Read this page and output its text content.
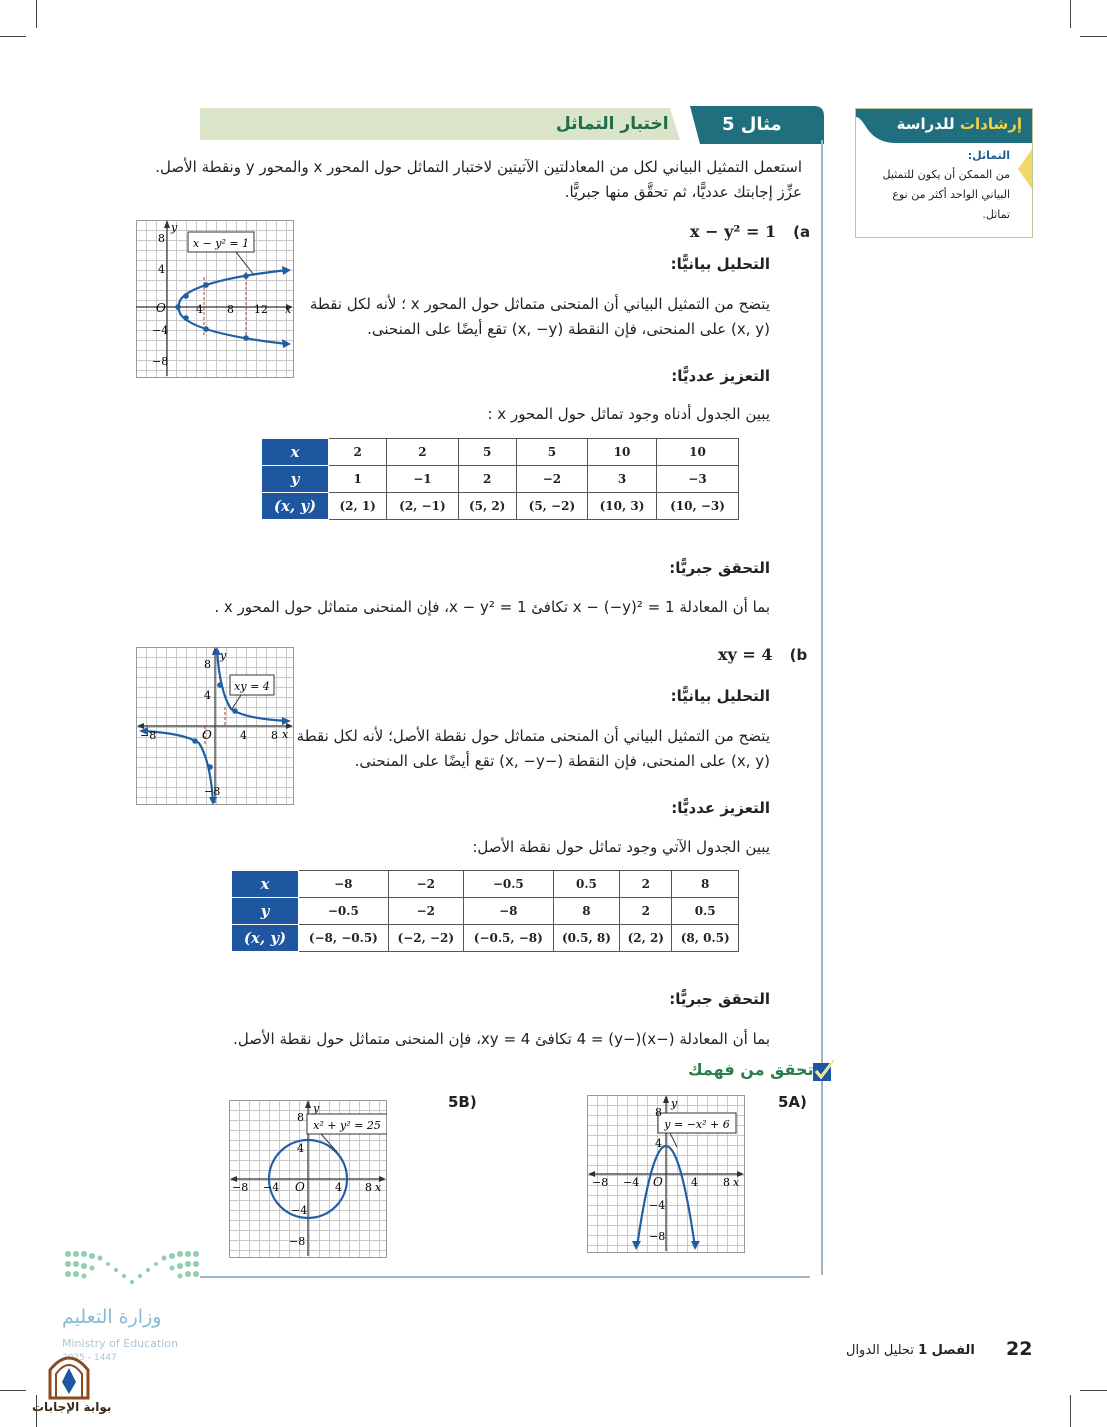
إرشادات للدراسة
التماثل:
من الممكن أن يكون للتمثيل البياني الواحد أكثر من نوع تماثل.
مثال 5
اختبار التماثل
استعمل التمثيل البياني لكل من المعادلتين الآتيتين لاختبار التماثل حول المحور x والمحور y ونقطة الأصل.
عزِّز إجابتك عدديًّا، ثم تحقَّق منها جبريًّا.
x − y² = 1 (a
التحليل بيانيًّا:
يتضح من التمثيل البياني أن المنحنى متماثل حول المحور x ؛ لأنه لكل نقطة
(x, y) على المنحنى، فإن النقطة (x, −y) تقع أيضًا على المنحنى.
التعزيز عدديًّا:
يبين الجدول أدناه وجود تماثل حول المحور x :
x	2	2	5	5	10	10
y	1	−1	2	−2	3	−3
(x, y)	(2, 1)	(2, −1)	(5, 2)	(5, −2)	(10, 3)	(10, −3)
التحقق جبريًّا:
بما أن المعادلة x − (−y)² = 1 تكافئ x − y² = 1، فإن المنحنى متماثل حول المحور x .
x − y² = 1
y
x
O
8
4
−4
−8
4 8 12
xy = 4 (b
التحليل بيانيًّا:
يتضح من التمثيل البياني أن المنحنى متماثل حول نقطة الأصل؛ لأنه لكل نقطة
(x, y) على المنحنى، فإن النقطة (−x, −y) تقع أيضًا على المنحنى.
التعزيز عدديًّا:
يبين الجدول الآتي وجود تماثل حول نقطة الأصل:
x	−8	−2	−0.5	0.5	2	8
y	−0.5	−2	−8	8	2	0.5
(x, y)	(−8, −0.5)	(−2, −2)	(−0.5, −8)	(0.5, 8)	(2, 2)	(8, 0.5)
التحقق جبريًّا:
بما أن المعادلة (−x)(−y) = 4 تكافئ xy = 4، فإن المنحنى متماثل حول نقطة الأصل.
xy = 4
y
x
O
8
4
4 8
−8
−8
تحقق من فهمك
(5A
(5B
y = −x² + 6
y
x
O
8
4
−4
−8
4 8
−4
−8
x² + y² = 25
y
x
O
8
4
−4
−8
4 8
−4
−8
وزارة التعليم
Ministry of Education
2025 - 1447
بوابة الإجابات
الفصل 1 تحليل الدوال	22
